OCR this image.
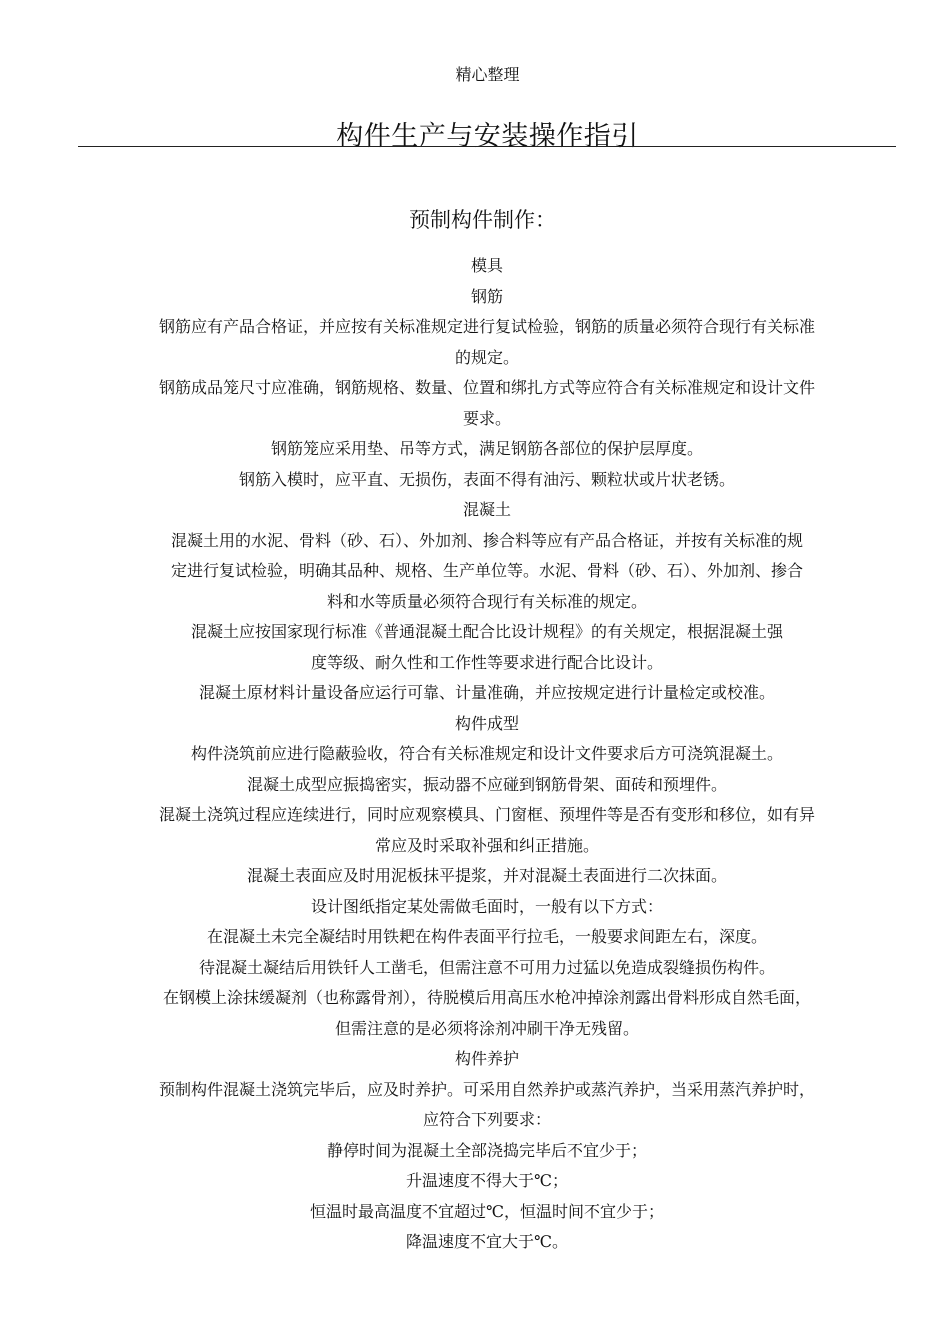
精心整理
构件生产与安装操作指引
预制构件制作：
模具
钢筋
钢筋应有产品合格证，并应按有关标准规定进行复试检验，钢筋的质量必须符合现行有关标准
的规定。
钢筋成品笼尺寸应准确，钢筋规格、数量、位置和绑扎方式等应符合有关标准规定和设计文件
要求。
钢筋笼应采用垫、吊等方式，满足钢筋各部位的保护层厚度。
钢筋入模时，应平直、无损伤，表面不得有油污、颗粒状或片状老锈。
混凝土
混凝土用的水泥、骨料（砂、石）、外加剂、掺合料等应有产品合格证，并按有关标准的规
定进行复试检验，明确其品种、规格、生产单位等。水泥、骨料（砂、石）、外加剂、掺合
料和水等质量必须符合现行有关标准的规定。
混凝土应按国家现行标准《普通混凝土配合比设计规程》的有关规定，根据混凝土强
度等级、耐久性和工作性等要求进行配合比设计。
混凝土原材料计量设备应运行可靠、计量准确，并应按规定进行计量检定或校准。
构件成型
构件浇筑前应进行隐蔽验收，符合有关标准规定和设计文件要求后方可浇筑混凝土。
混凝土成型应振捣密实，振动器不应碰到钢筋骨架、面砖和预埋件。
混凝土浇筑过程应连续进行，同时应观察模具、门窗框、预埋件等是否有变形和移位，如有异
常应及时采取补强和纠正措施。
混凝土表面应及时用泥板抹平提浆，并对混凝土表面进行二次抹面。
设计图纸指定某处需做毛面时，一般有以下方式：
在混凝土未完全凝结时用铁耙在构件表面平行拉毛，一般要求间距左右，深度。
待混凝土凝结后用铁钎人工凿毛，但需注意不可用力过猛以免造成裂缝损伤构件。
在钢模上涂抹缓凝剂（也称露骨剂），待脱模后用高压水枪冲掉涂剂露出骨料形成自然毛面，
但需注意的是必须将涂剂冲刷干净无残留。
构件养护
预制构件混凝土浇筑完毕后，应及时养护。可采用自然养护或蒸汽养护，当采用蒸汽养护时，
应符合下列要求：
静停时间为混凝土全部浇捣完毕后不宜少于；
升温速度不得大于℃；
恒温时最高温度不宜超过℃，恒温时间不宜少于；
降温速度不宜大于℃。
